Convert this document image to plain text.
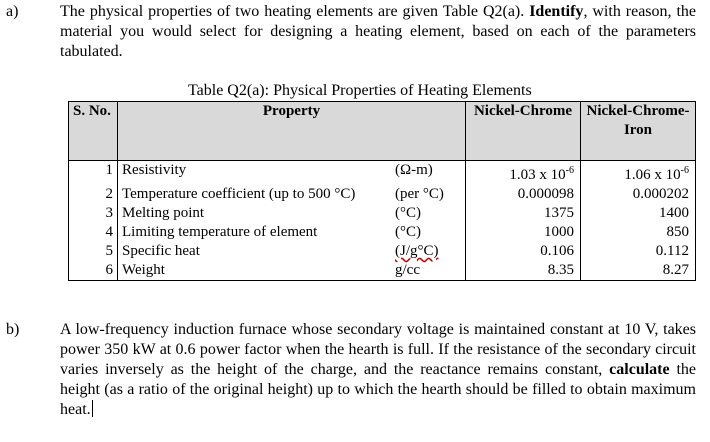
a)	The physical properties of two heating elements are given Table Q2(a). Identify, with reason, the material you would select for designing a heating element, based on each of the parameters tabulated.
Table Q2(a): Physical Properties of Heating Elements
S. No.	Property		Nickel-Chrome	Nickel-Chrome-Iron
1	Resistivity	(Ω-m)	1.03 x $10^{-6}$	1.06 x $10^{-6}$
2	Temperature coefficient (up to 500 °C)	(per °C)	0.000098	0.000202
3	Melting point	(°C)	1375	1400
4	Limiting temperature of element	(°C)	1000	850
5	Specific heat	(J/g°C)	0.106	0.112
6	Weight	g/cc	8.35	8.27
b)	A low-frequency induction furnace whose secondary voltage is maintained constant at 10 V, takes power 350 kW at 0.6 power factor when the hearth is full. If the resistance of the secondary circuit varies inversely as the height of the charge, and the reactance remains constant, calculate the height (as a ratio of the original height) up to which the hearth should be filled to obtain maximum heat.
